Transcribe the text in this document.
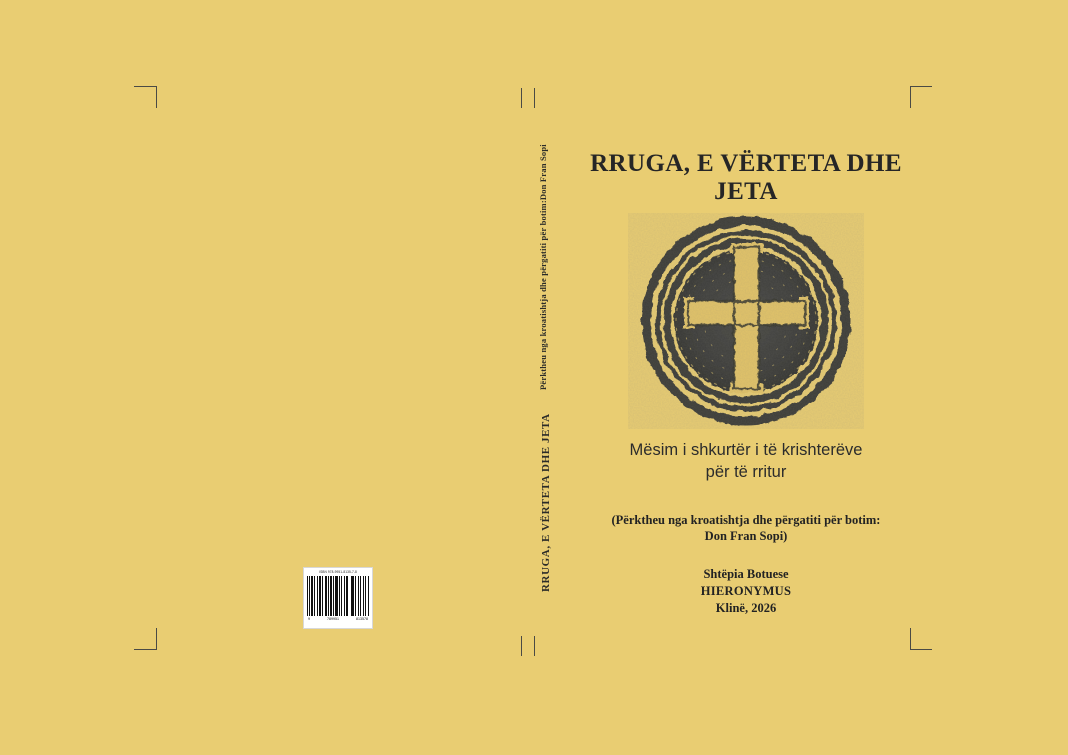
Përktheu nga kroatishtja dhe përgatiti për botim:Don Fran Sopi
RRUGA, E VËRTETA DHE JETA
RRUGA, E VËRTETA DHE JETA

Mësim i shkurtër i të krishterëve
për të rritur

(Përktheu nga kroatishtja dhe përgatiti për botim:
Don Fran Sopi)
Shtëpia Botuese
HIERONYMUS
Klinë, 2026
ISBN 978-9951-8135-7-8
9	789951	813578
